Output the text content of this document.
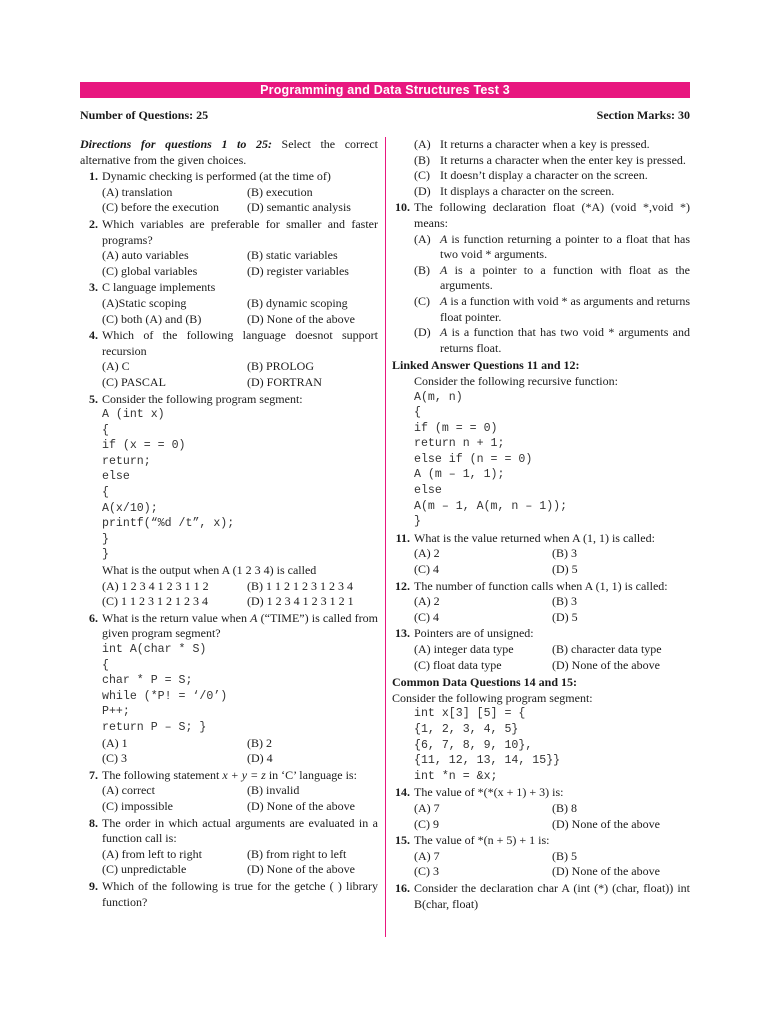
Programming and Data Structures Test 3
Number of Questions: 25	Section Marks: 30

Directions for questions 1 to 25: Select the correct alternative from the given choices.

1. Dynamic checking is performed (at the time of)
(A) translation	(B) execution
(C) before the execution	(D) semantic analysis
2. Which variables are preferable for smaller and faster programs?
(A) auto variables	(B) static variables
(C) global variables	(D) register variables
3. C language implements
(A)Static scoping	(B) dynamic scoping
(C) both (A) and (B)	(D) None of the above
4. Which of the following language doesnot support recursion
(A) C	(B) PROLOG
(C) PASCAL	(D) FORTRAN
5. Consider the following program segment:
A (int x)
{
if (x = = 0)
return;
else
{
A(x/10);
printf(“%d /t”, x);
}
}
What is the output when A (1 2 3 4) is called
(A) 1 2 3 4 1 2 3 1 1 2	(B) 1 1 2 1 2 3 1 2 3 4
(C) 1 1 2 3 1 2 1 2 3 4	(D) 1 2 3 4 1 2 3 1 2 1
6. What is the return value when A (“TIME”) is called from given program segment?
int A(char * S)
{
char * P = S;
while (*P! = ‘/0’)
P++;
return P – S; }
(A) 1	(B) 2
(C) 3	(D) 4
7. The following statement x + y = z in ‘C’ language is:
(A) correct	(B) invalid
(C) impossible	(D) None of the above
8. The order in which actual arguments are evaluated in a function call is:
(A) from left to right	(B) from right to left
(C) unpredictable	(D) None of the above
9. Which of the following is true for the getche ( ) library function?
(A) It returns a character when a key is pressed.
(B) It returns a character when the enter key is pressed.
(C) It doesn’t display a character on the screen.
(D) It displays a character on the screen.
10. The following declaration float (*A) (void *,void *) means:
(A) A is function returning a pointer to a float that has two void * arguments.
(B) A is a pointer to a function with float as the arguments.
(C) A is a function with void * as arguments and returns float pointer.
(D) A is a function that has two void * arguments and returns float.
Linked Answer Questions 11 and 12:
Consider the following recursive function:
A(m, n)
{
if (m = = 0)
return n + 1;
else if (n = = 0)
A (m – 1, 1);
else
A(m – 1, A(m, n – 1));
}
11. What is the value returned when A (1, 1) is called:
(A) 2	(B) 3
(C) 4	(D) 5
12. The number of function calls when A (1, 1) is called:
(A) 2	(B) 3
(C) 4	(D) 5
13. Pointers are of unsigned:
(A) integer data type	(B) character data type
(C) float data type	(D) None of the above
Common Data Questions 14 and 15:
Consider the following program segment:
int x[3] [5] = {
{1, 2, 3, 4, 5}
{6, 7, 8, 9, 10},
{11, 12, 13, 14, 15}}
int *n = &x;
14. The value of *(*(x + 1) + 3) is:
(A) 7	(B) 8
(C) 9	(D) None of the above
15. The value of *(n + 5) + 1 is:
(A) 7	(B) 5
(C) 3	(D) None of the above
16. Consider the declaration char A (int (*) (char, float)) int B(char, float)
